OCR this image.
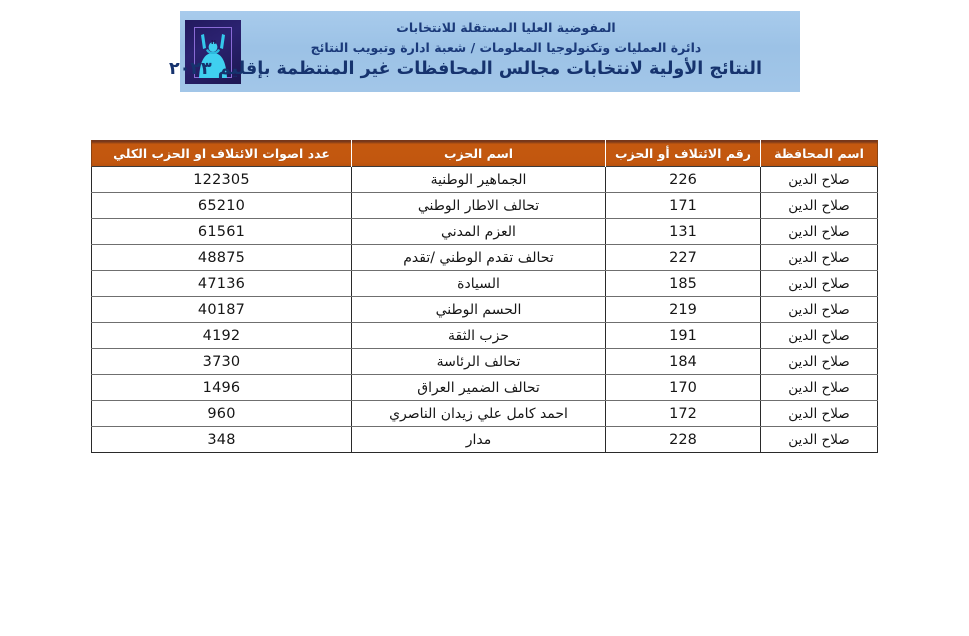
المفوضية العليا المستقلة للانتخابات
دائرة العمليات وتكنولوجيا المعلومات / شعبة ادارة وتبويب النتائج
النتائج الأولية لانتخابات مجالس المحافظات غير المنتظمة بإقليم ٢٠٢٣
اسم المحافظة	رقم الائتلاف أو الحزب	اسم الحزب	عدد اصوات الائتلاف او الحزب الكلي
صلاح الدين	226	الجماهير الوطنية	122305
صلاح الدين	171	تحالف الاطار الوطني	65210
صلاح الدين	131	العزم المدني	61561
صلاح الدين	227	تحالف تقدم الوطني /تقدم	48875
صلاح الدين	185	السيادة	47136
صلاح الدين	219	الحسم الوطني	40187
صلاح الدين	191	حزب الثقة	4192
صلاح الدين	184	تحالف الرئاسة	3730
صلاح الدين	170	تحالف الضمير العراق	1496
صلاح الدين	172	احمد كامل علي زيدان الناصري	960
صلاح الدين	228	مدار	348
